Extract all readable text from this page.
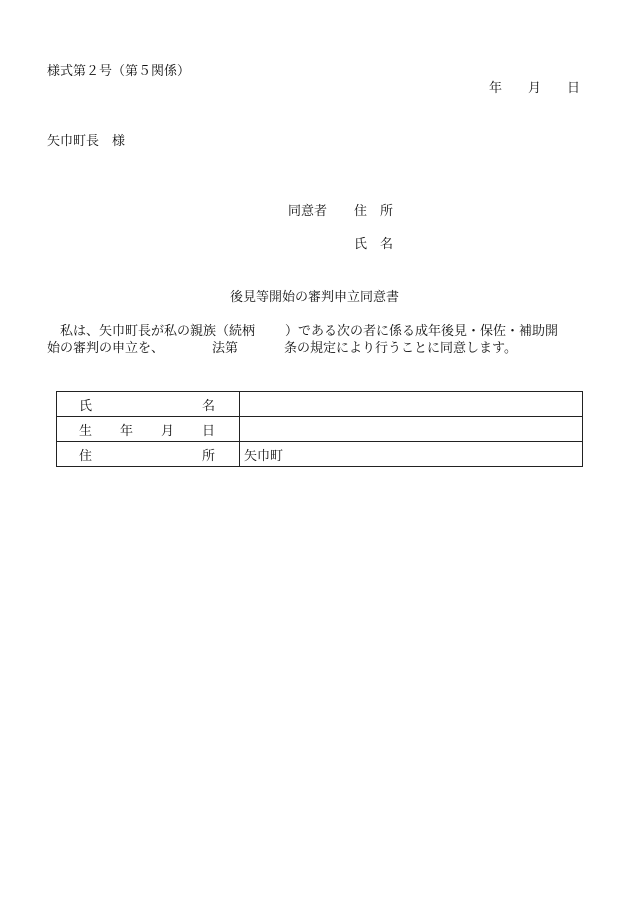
様式第２号（第５関係）
年 月 日
矢巾町長　様
同意者 住　所
氏　名
後見等開始の審判申立同意書
私は、矢巾町長が私の親族（続柄 ）である次の者に係る成年後見・保佐・補助開
始の審判の申立を、	法第	条の規定により行うことに同意します。
氏名	
生年月日	
住所	矢巾町
